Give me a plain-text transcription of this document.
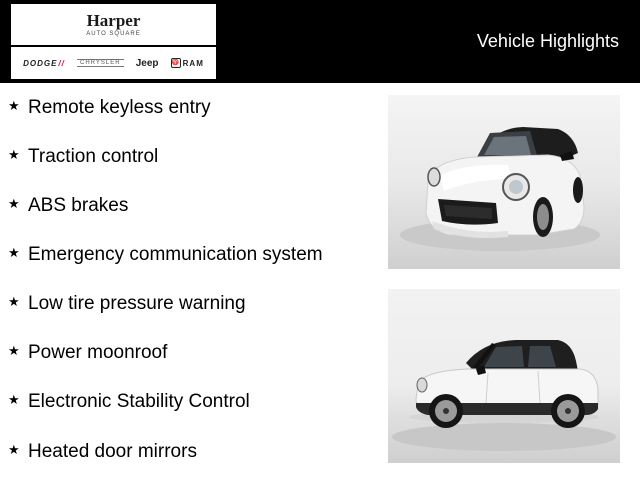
Harper
AUTO SQUARE
DODGE//	CHRYSLER	Jeep ♈ RAM
Vehicle Highlights
★ Remote keyless entry
★ Traction control
★ ABS brakes
★ Emergency communication system
★ Low tire pressure warning
★ Power moonroof
★ Electronic Stability Control
★ Heated door mirrors
